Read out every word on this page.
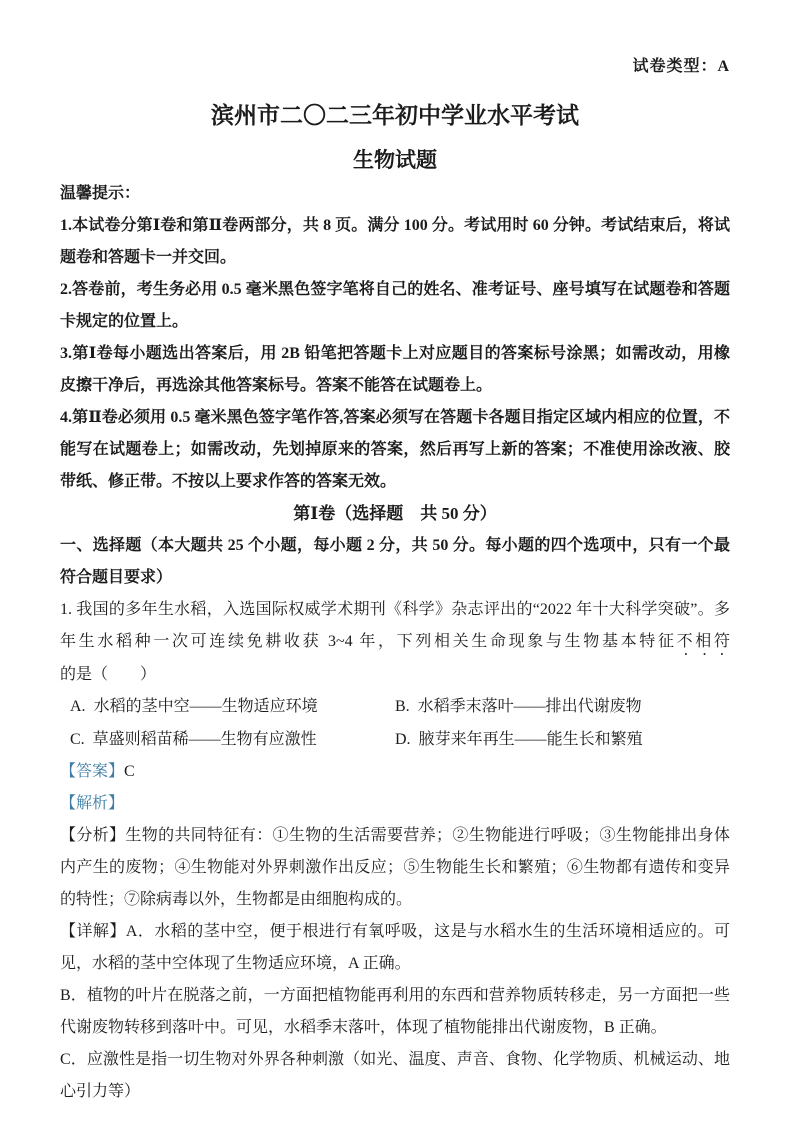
试卷类型：A
滨州市二〇二三年初中学业水平考试
生物试题

温馨提示：

1.本试卷分第Ⅰ卷和第Ⅱ卷两部分，共 8 页。满分 100 分。考试用时 60 分钟。考试结束后，将试题卷和答题卡一并交回。

2.答卷前，考生务必用 0.5 毫米黑色签字笔将自己的姓名、准考证号、座号填写在试题卷和答题卡规定的位置上。

3.第Ⅰ卷每小题选出答案后，用 2B 铅笔把答题卡上对应题目的答案标号涂黑；如需改动，用橡皮擦干净后，再选涂其他答案标号。答案不能答在试题卷上。

4.第Ⅱ卷必须用 0.5 毫米黑色签字笔作答,答案必须写在答题卡各题目指定区域内相应的位置，不能写在试题卷上；如需改动，先划掉原来的答案，然后再写上新的答案；不准使用涂改液、胶带纸、修正带。不按以上要求作答的答案无效。

第Ⅰ卷（选择题　共 50 分）

一、选择题（本大题共 25 个小题，每小题 2 分，共 50 分。每小题的四个选项中，只有一个最符合题目要求）

1. 我国的多年生水稻，入选国际权威学术期刊《科学》杂志评出的“2022 年十大科学突破”。多年生水稻种一次可连续免耕收获 3~4 年，下列相关生命现象与生物基本特征不相符的是（　　）

A. 水稻的茎中空——生物适应环境	B. 水稻季末落叶——排出代谢废物
C. 草盛则稻苗稀——生物有应激性	D. 腋芽来年再生——能生长和繁殖

【答案】C

【解析】

【分析】生物的共同特征有：①生物的生活需要营养；②生物能进行呼吸；③生物能排出身体内产生的废物；④生物能对外界刺激作出反应；⑤生物能生长和繁殖；⑥生物都有遗传和变异的特性；⑦除病毒以外，生物都是由细胞构成的。

【详解】A．水稻的茎中空，便于根进行有氧呼吸，这是与水稻水生的生活环境相适应的。可见，水稻的茎中空体现了生物适应环境，A 正确。

B．植物的叶片在脱落之前，一方面把植物能再利用的东西和营养物质转移走，另一方面把一些代谢废物转移到落叶中。可见，水稻季末落叶，体现了植物能排出代谢废物，B 正确。

C．应激性是指一切生物对外界各种刺激（如光、温度、声音、食物、化学物质、机械运动、地心引力等）
